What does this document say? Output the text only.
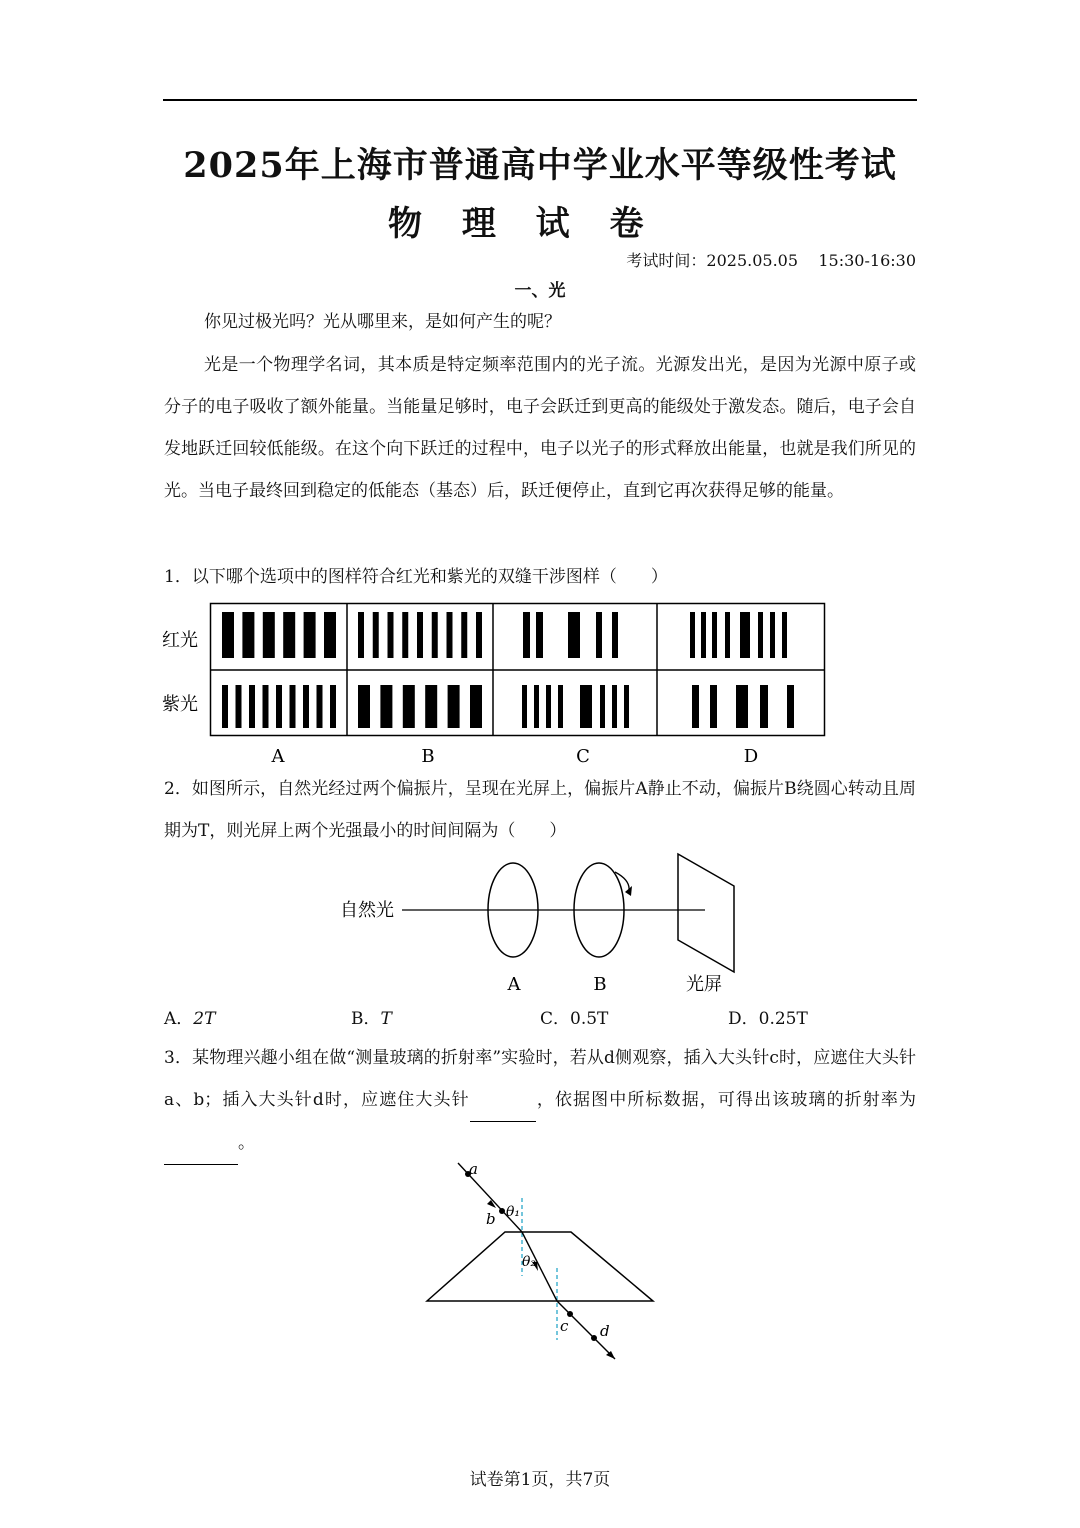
2025年上海市普通高中学业水平等级性考试
物 理 试 卷
考试时间：2025.05.05 15:30-16:30
一、光
你见过极光吗？光从哪里来，是如何产生的呢？
光是一个物理学名词，其本质是特定频率范围内的光子流。光源发出光，是因为光源中原子或分子的电子吸收了额外能量。当能量足够时，电子会跃迁到更高的能级处于激发态。随后，电子会自发地跃迁回较低能级。在这个向下跃迁的过程中，电子以光子的形式释放出能量，也就是我们所见的光。当电子最终回到稳定的低能态（基态）后，跃迁便停止，直到它再次获得足够的能量。
1．以下哪个选项中的图样符合红光和紫光的双缝干涉图样（　　）
红光
紫光
A	B	C	D
2．如图所示，自然光经过两个偏振片，呈现在光屏上，偏振片A静止不动，偏振片B绕圆心转动且周期为T，则光屏上两个光强最小的时间间隔为（　　）
自然光
A	B	光屏
A．2T	B．T	C．0.5T	D．0.25T
3．某物理兴趣小组在做“测量玻璃的折射率”实验时，若从d侧观察，插入大头针c时，应遮住大头针a、b；插入大头针d时，应遮住大头针	，依据图中所标数据，可得出该玻璃的折射率为 。
a
b
c d
θ₁
θ₂
试卷第1页，共7页
